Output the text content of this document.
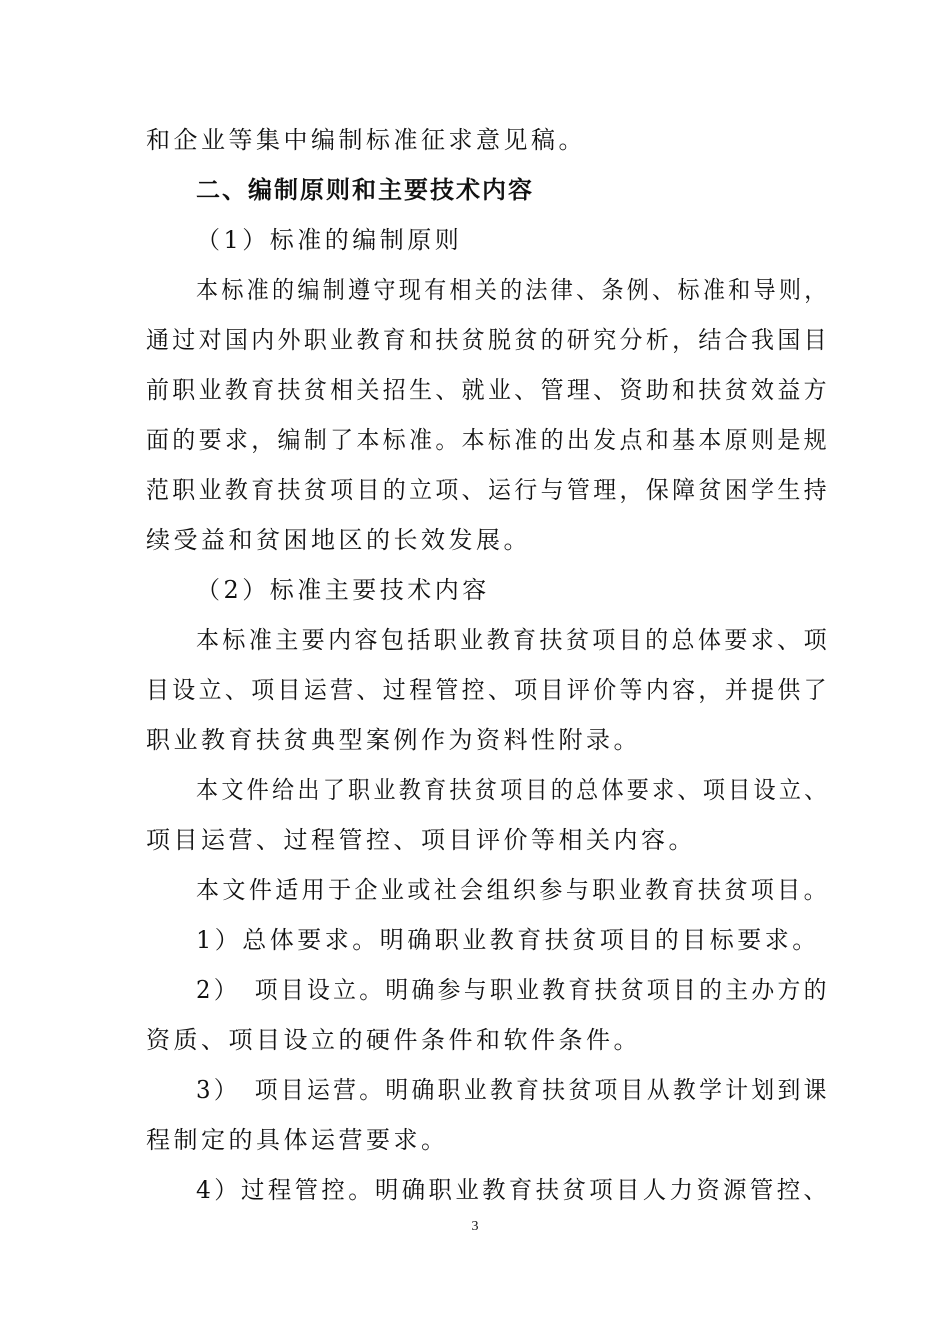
和企业等集中编制标准征求意见稿。
二、编制原则和主要技术内容
（1）标准的编制原则
本标准的编制遵守现有相关的法律、条例、标准和导则，
通过对国内外职业教育和扶贫脱贫的研究分析，结合我国目
前职业教育扶贫相关招生、就业、管理、资助和扶贫效益方
面的要求，编制了本标准。本标准的出发点和基本原则是规
范职业教育扶贫项目的立项、运行与管理，保障贫困学生持
续受益和贫困地区的长效发展。
（2）标准主要技术内容
本标准主要内容包括职业教育扶贫项目的总体要求、项
目设立、项目运营、过程管控、项目评价等内容，并提供了
职业教育扶贫典型案例作为资料性附录。
本文件给出了职业教育扶贫项目的总体要求、项目设立、
项目运营、过程管控、项目评价等相关内容。
本文件适用于企业或社会组织参与职业教育扶贫项目。
1）总体要求。明确职业教育扶贫项目的目标要求。
2）　项目设立。明确参与职业教育扶贫项目的主办方的
资质、项目设立的硬件条件和软件条件。
3）　项目运营。明确职业教育扶贫项目从教学计划到课
程制定的具体运营要求。
4）过程管控。明确职业教育扶贫项目人力资源管控、
3
